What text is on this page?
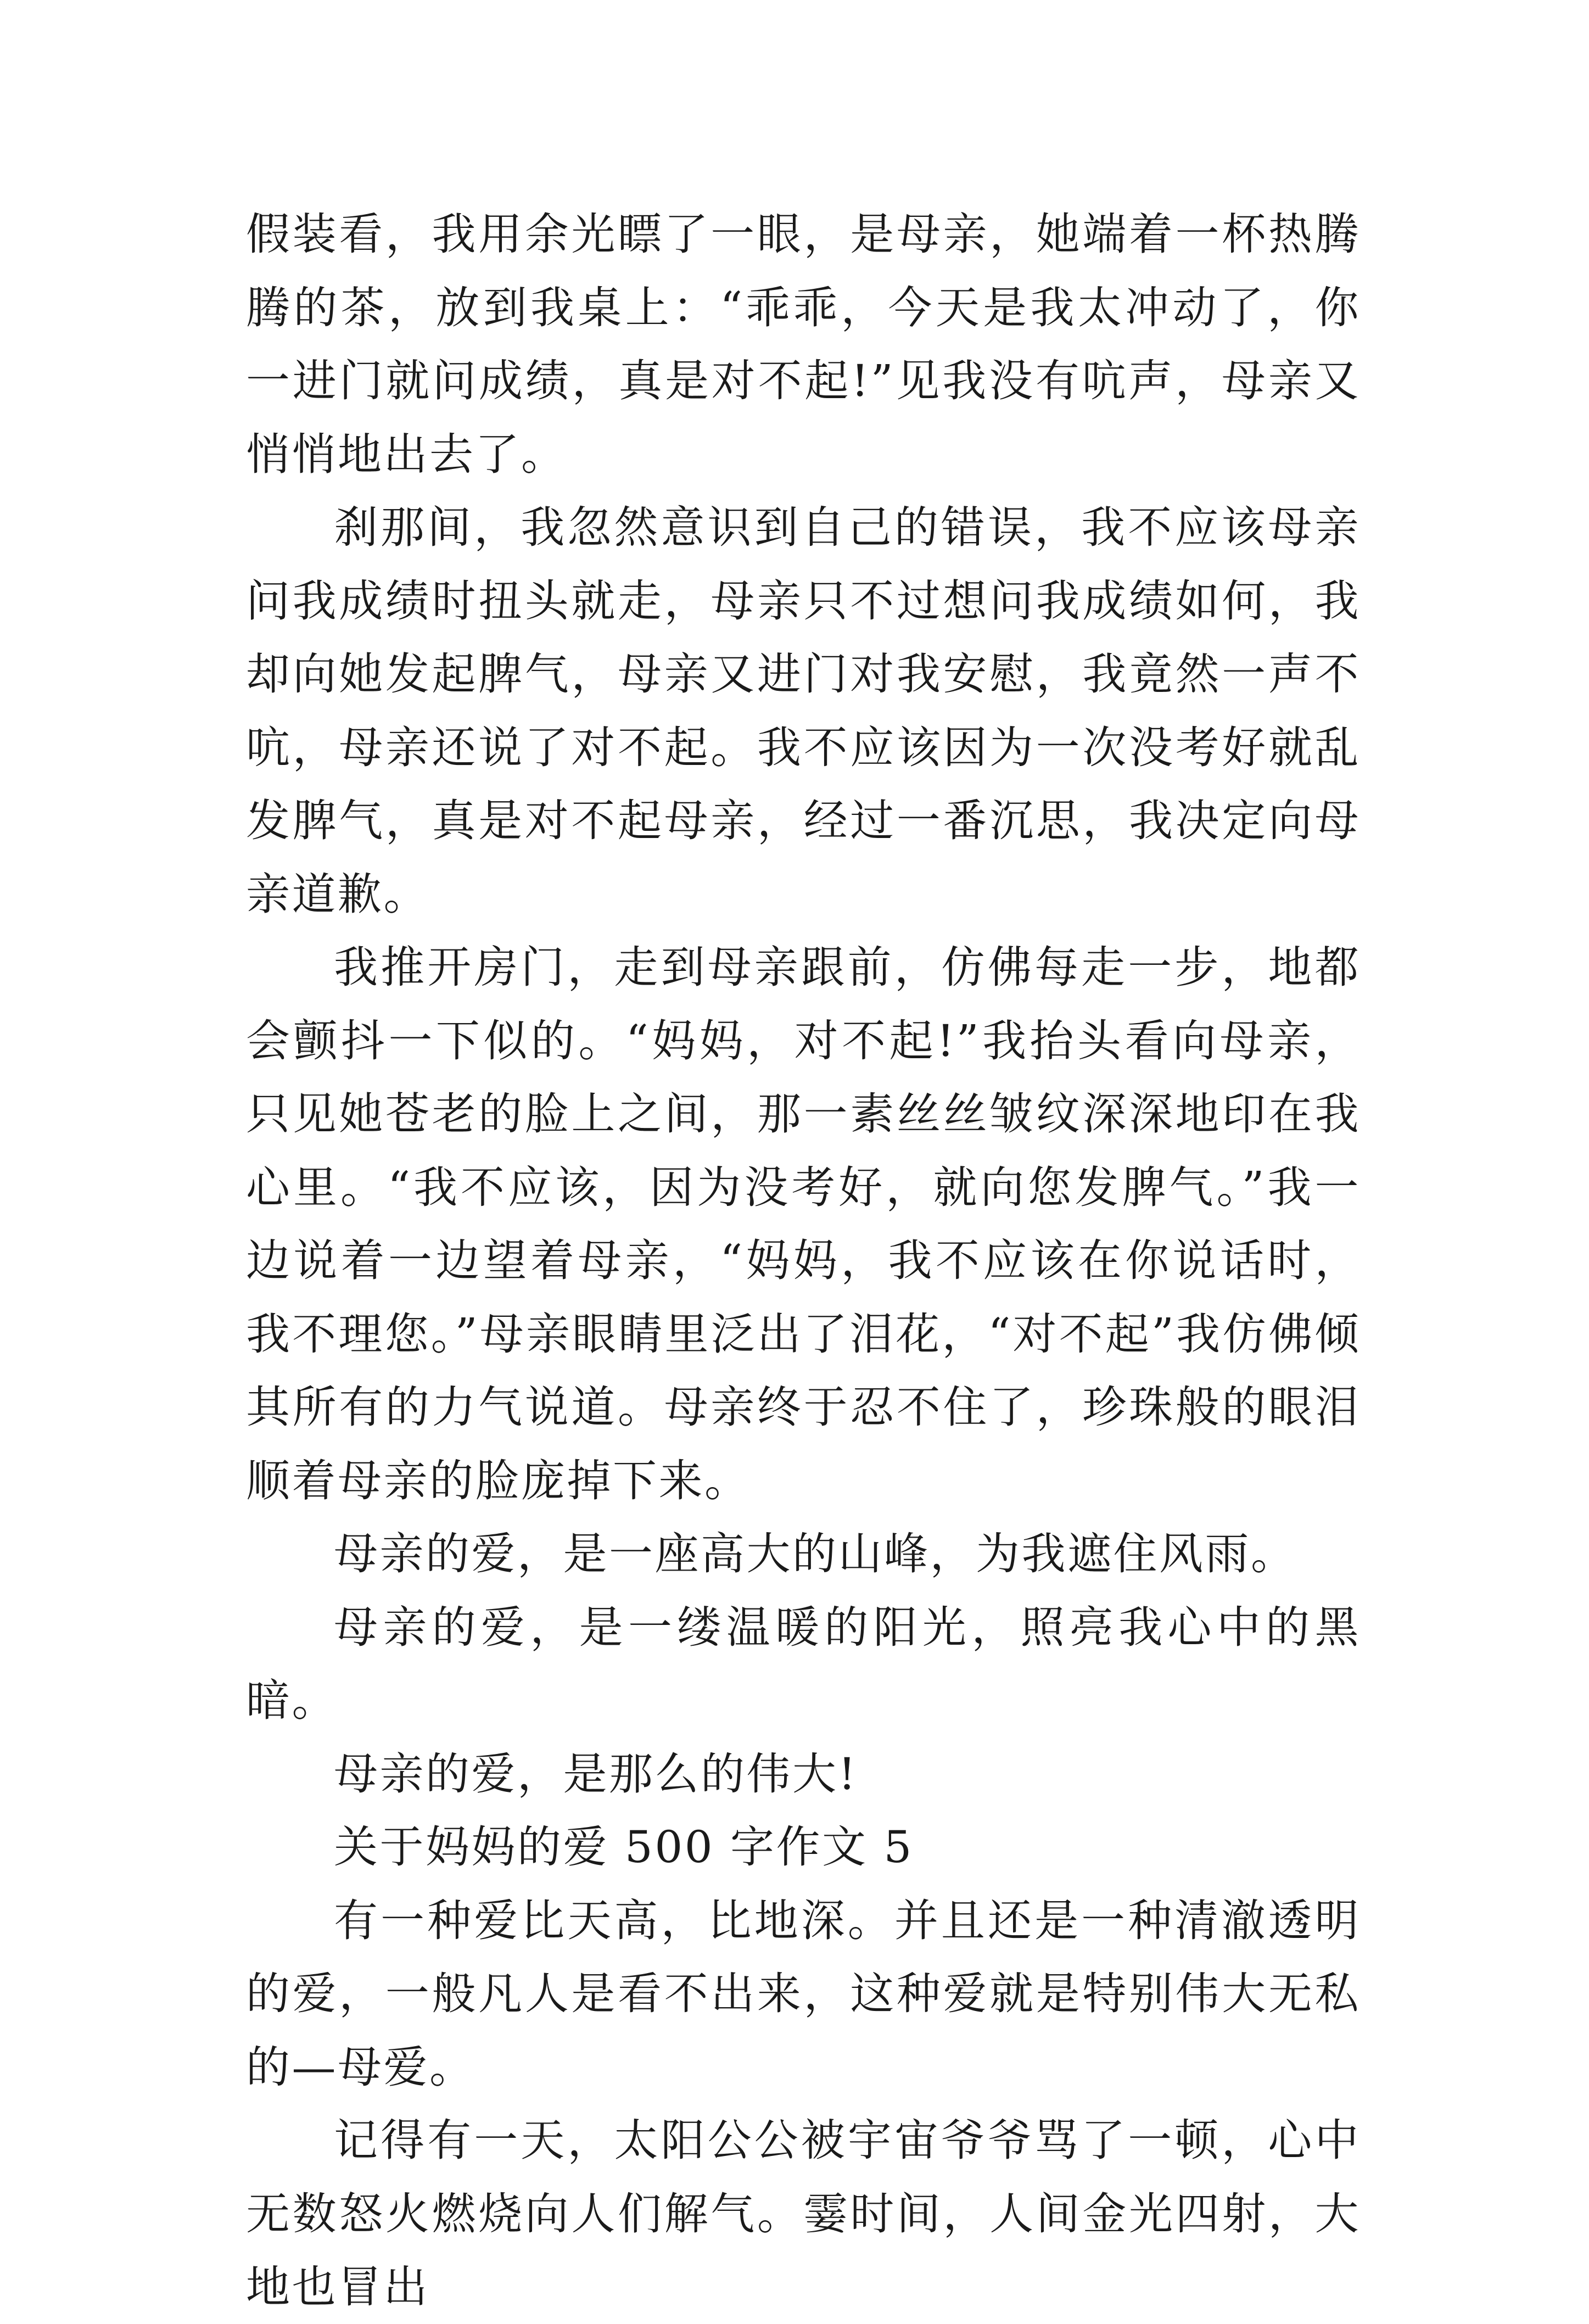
假装看，我用余光瞟了一眼，是母亲，她端着一杯热腾腾的茶，放到我桌上：“乖乖，今天是我太冲动了，你一进门就问成绩，真是对不起!”见我没有吭声，母亲又悄悄地出去了。

刹那间，我忽然意识到自己的错误，我不应该母亲问我成绩时扭头就走，母亲只不过想问我成绩如何，我却向她发起脾气，母亲又进门对我安慰，我竟然一声不吭，母亲还说了对不起。我不应该因为一次没考好就乱发脾气，真是对不起母亲，经过一番沉思，我决定向母亲道歉。

我推开房门，走到母亲跟前，仿佛每走一步，地都会颤抖一下似的。“妈妈，对不起!”我抬头看向母亲，只见她苍老的脸上之间，那一素丝丝皱纹深深地印在我心里。“我不应该，因为没考好，就向您发脾气。”我一边说着一边望着母亲，“妈妈，我不应该在你说话时，我不理您。”母亲眼睛里泛出了泪花，“对不起”我仿佛倾其所有的力气说道。母亲终于忍不住了，珍珠般的眼泪顺着母亲的脸庞掉下来。

母亲的爱，是一座高大的山峰，为我遮住风雨。

母亲的爱，是一缕温暖的阳光，照亮我心中的黑暗。

母亲的爱，是那么的伟大!

关于妈妈的爱 500 字作文 5

有一种爱比天高，比地深。并且还是一种清澈透明的爱，一般凡人是看不出来，这种爱就是特别伟大无私的—母爱。

记得有一天，太阳公公被宇宙爷爷骂了一顿，心中无数怒火燃烧向人们解气。霎时间，人间金光四射，大地也冒出
